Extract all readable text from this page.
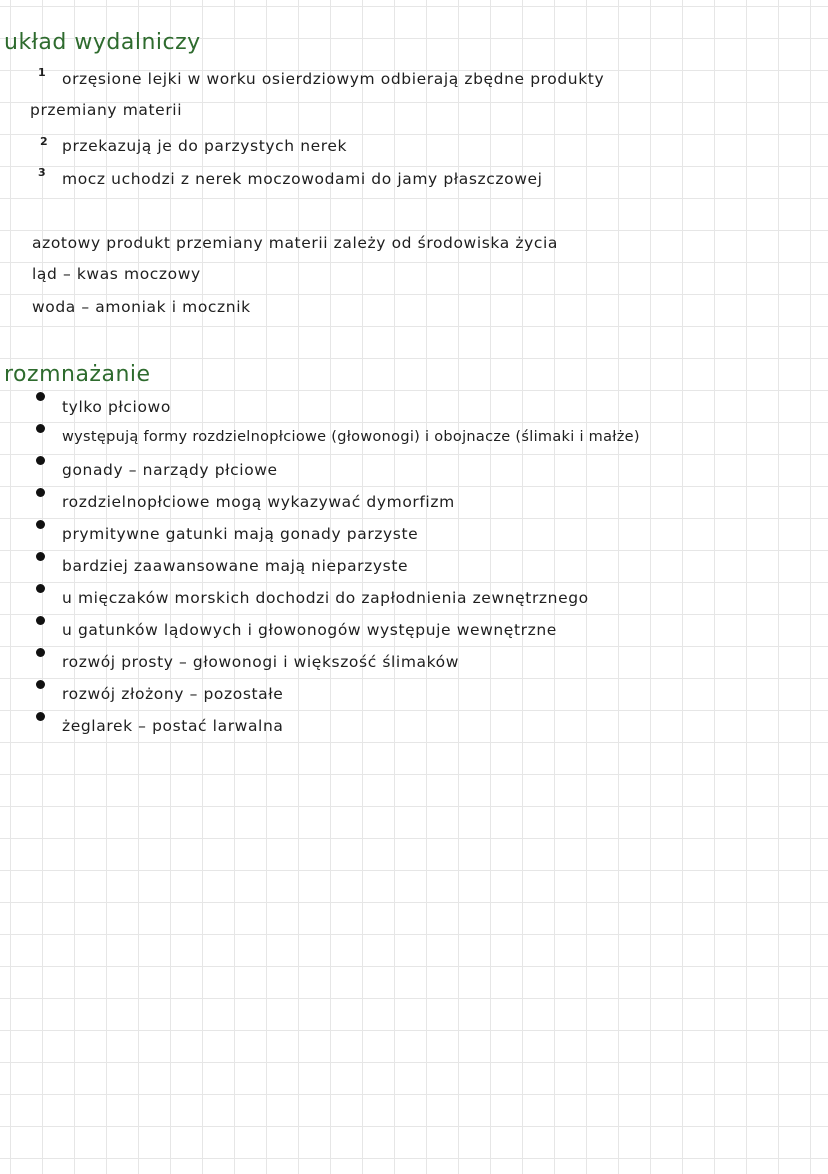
układ wydalniczy
1 orzęsione lejki w worku osierdziowym odbierają zbędne produkty
przemiany materii
2 przekazują je do parzystych nerek
3 mocz uchodzi z nerek moczowodami do jamy płaszczowej
azotowy produkt przemiany materii zależy od środowiska życia
ląd – kwas moczowy
woda – amoniak i mocznik
rozmnażanie
tylko płciowo
występują formy rozdzielnopłciowe (głowonogi) i obojnacze (ślimaki i małże)
gonady – narządy płciowe
rozdzielnopłciowe mogą wykazywać dymorfizm
prymitywne gatunki mają gonady parzyste
bardziej zaawansowane mają nieparzyste
u mięczaków morskich dochodzi do zapłodnienia zewnętrznego
u gatunków lądowych i głowonogów występuje wewnętrzne
rozwój prosty – głowonogi i większość ślimaków
rozwój złożony – pozostałe
żeglarek – postać larwalna
